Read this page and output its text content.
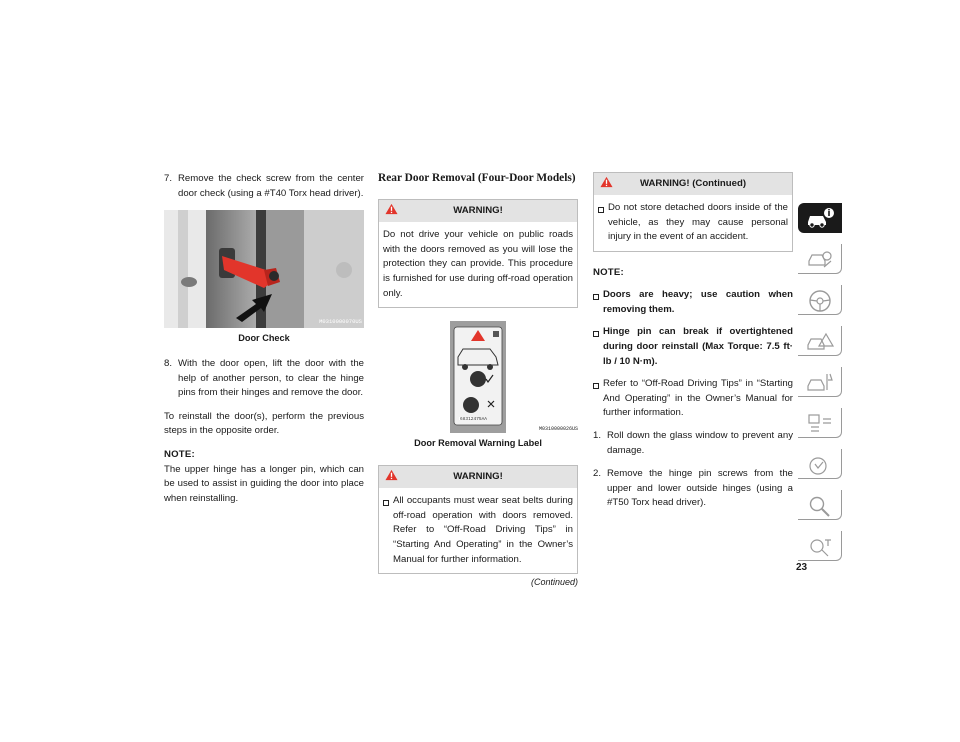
7. Remove the check screw from the center door check (using a #T40 Torx head driver).
M0310000070US
Door Check
8. With the door open, lift the door with the help of another person, to clear the hinge pins from their hinges and remove the door.
To reinstall the door(s), perform the previous steps in the opposite order.
NOTE:
The upper hinge has a longer pin, which can be used to assist in guiding the door into place when reinstalling.
Rear Door Removal (Four-Door Models)
WARNING!
Do not drive your vehicle on public roads with the doors removed as you will lose the protection they can provide. This procedure is furnished for use during off-road operation only.
68312475AA
M0310000026US
Door Removal Warning Label
WARNING!
All occupants must wear seat belts during off-road operation with doors removed. Refer to “Off-Road Driving Tips” in “Starting And Operating” in the Owner’s Manual for further information.
(Continued)
WARNING! (Continued)
Do not store detached doors inside of the vehicle, as they may cause personal injury in the event of an accident.
NOTE:
Doors are heavy; use caution when removing them.
Hinge pin can break if overtightened during door reinstall (Max Torque: 7.5 ft· lb / 10 N·m).
Refer to “Off-Road Driving Tips” in “Starting And Operating” in the Owner’s Manual for further information.
1. Roll down the glass window to prevent any damage.
2. Remove the hinge pin screws from the upper and lower outside hinges (using a #T50 Torx head driver).
23
